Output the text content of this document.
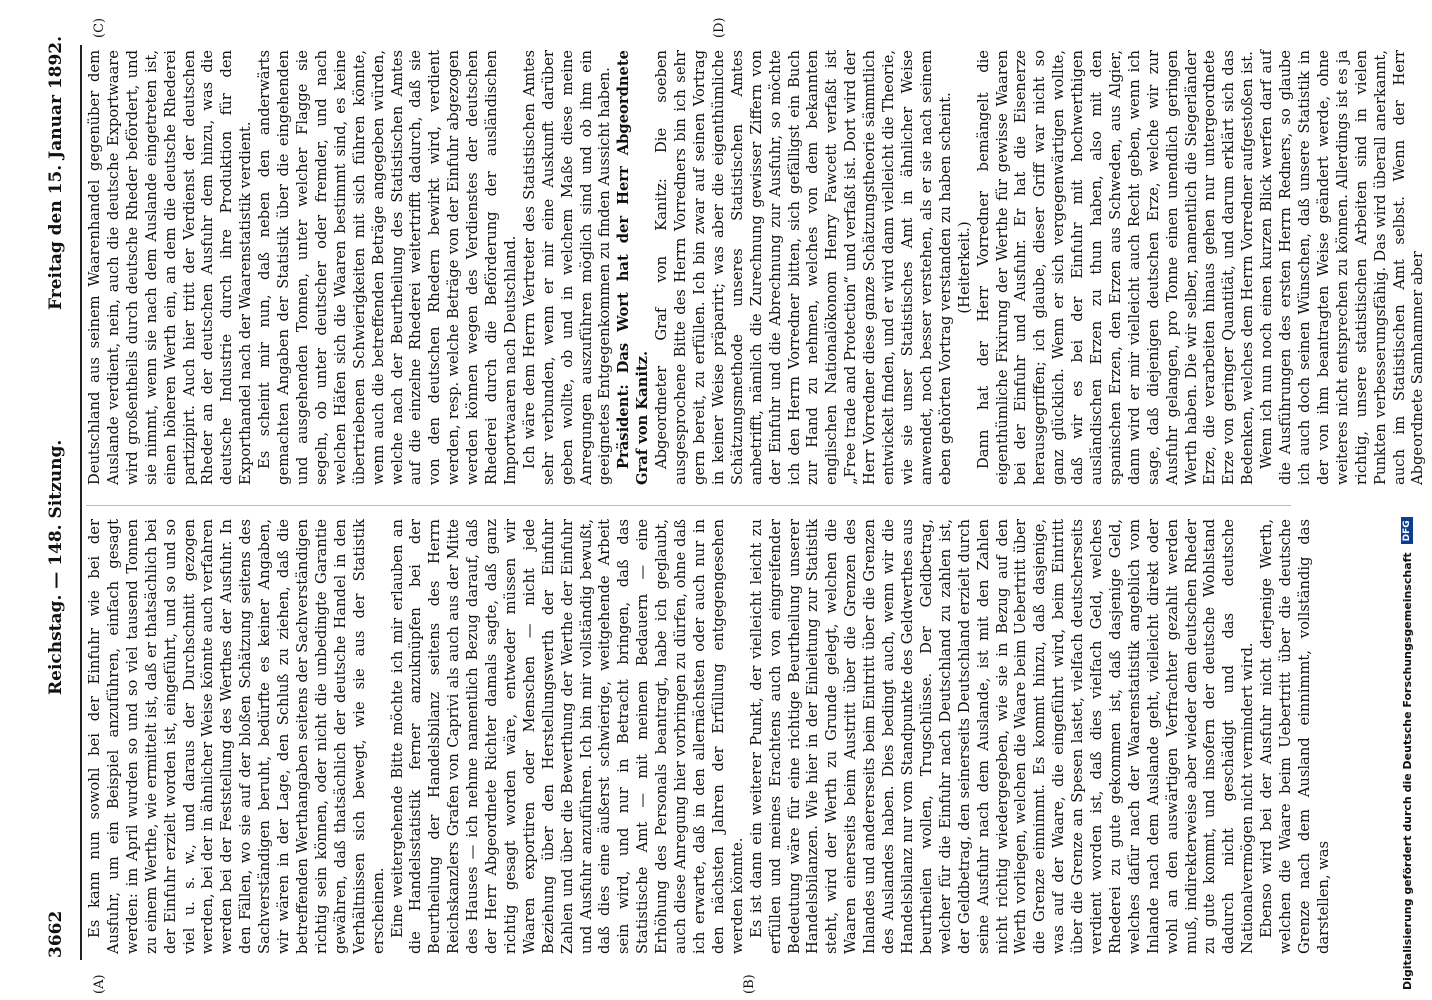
3662
Reichstag. — 148. Sitzung.
Freitag den 15. Januar 1892.
(A)	(B)
(C)	(D)

Es kann nun sowohl bei der Einfuhr wie bei der Ausfuhr, um ein Beispiel anzuführen, einfach gesagt werden: im April wurden so und so viel tausend Tonnen zu einem Werthe, wie ermittelt ist, daß er thatsächlich bei der Einfuhr erzielt worden ist, eingeführt, und so und so viel u. s. w., und daraus der Durchschnitt gezogen werden, bei der in ähnlicher Weise könnte auch verfahren werden bei der Feststellung des Werthes der Ausfuhr. In den Fällen, wo sie auf der bloßen Schätzung seitens des Sachverständigen beruht, bedürfte es keiner Angaben, wir wären in der Lage, den Schluß zu ziehen, daß die betreffenden Werthangaben seitens der Sachverständigen richtig sein können, oder nicht die unbedingte Garantie gewähren, daß thatsächlich der deutsche Handel in den Verhältnissen sich bewegt, wie sie aus der Statistik erscheinen. Eine weitergehende Bitte möchte ich mir erlauben an die Handelsstatistik ferner anzuknüpfen bei der Beurtheilung der Handelsbilanz seitens des Herrn Reichskanzlers Grafen von Caprivi als auch aus der Mitte des Hauses — ich nehme namentlich Bezug darauf, daß der Herr Abgeordnete Richter damals sagte, daß ganz richtig gesagt worden wäre, entweder müssen wir Waaren exportiren oder Menschen — nicht jede Beziehung über den Herstellungswerth der Einfuhr Zahlen und über die Bewerthung der Werthe der Einfuhr und Ausfuhr anzuführen. Ich bin mir vollständig bewußt, daß dies eine äußerst schwierige, weitgehende Arbeit sein wird, und nur in Betracht bringen, daß das Statistische Amt — mit meinem Bedauern — eine Erhöhung des Personals beantragt, habe ich geglaubt, auch diese Anregung hier vorbringen zu dürfen, ohne daß ich erwarte, daß in den allernächsten oder auch nur in den nächsten Jahren der Erfüllung entgegengesehen werden könnte. Es ist dann ein weiterer Punkt, der vielleicht leicht zu erfüllen und meines Erachtens auch von eingreifender Bedeutung wäre für eine richtige Beurtheilung unserer Handelsbilanzen. Wie hier in der Einleitung zur Statistik steht, wird der Werth zu Grunde gelegt, welchen die Waaren einerseits beim Austritt über die Grenzen des Inlandes und andererseits beim Eintritt über die Grenzen des Auslandes haben. Dies bedingt auch, wenn wir die Handelsbilanz nur vom Standpunkte des Geldwerthes aus beurtheilen wollen, Trugschlüsse. Der Geldbetrag, welcher für die Einfuhr nach Deutschland zu zahlen ist, der Geldbetrag, den seinerseits Deutschland erzielt durch seine Ausfuhr nach dem Auslande, ist mit den Zahlen nicht richtig wiedergegeben, wie sie in Bezug auf den Werth vorliegen, welchen die Waare beim Uebertritt über die Grenze einnimmt. Es kommt hinzu, daß dasjenige, was auf der Waare, die eingeführt wird, beim Eintritt über die Grenze an Spesen lastet, vielfach deutscherseits verdient worden ist, daß dies vielfach Geld, welches Rhederei zu gute gekommen ist, daß dasjenige Geld, welches dafür nach der Waarenstatistik angeblich vom Inlande nach dem Auslande geht, vielleicht direkt oder wohl an den auswärtigen Verfrachter gezahlt werden muß, indirekterweise aber wieder dem deutschen Rheder zu gute kommt, und insofern der deutsche Wohlstand dadurch nicht geschädigt und das deutsche Nationalvermögen nicht vermindert wird. Ebenso wird bei der Ausfuhr nicht derjenige Werth, welchen die Waare beim Uebertritt über die deutsche Grenze nach dem Ausland einnimmt, vollständig das darstellen, was

Deutschland aus seinem Waarenhandel gegenüber dem Auslande verdient, nein, auch die deutsche Exportwaare wird großentheils durch deutsche Rheder befördert, und sie nimmt, wenn sie nach dem Auslande eingetreten ist, einen höheren Werth ein, an dem die deutsche Rhederei partizipirt. Auch hier tritt der Verdienst der deutschen Rheder an der deutschen Ausfuhr dem hinzu, was die deutsche Industrie durch ihre Produktion für den Exporthandel nach der Waarenstatistik verdient. Es scheint mir nun, daß neben den anderwärts gemachten Angaben der Statistik über die eingehenden und ausgehenden Tonnen, unter welcher Flagge sie segeln, ob unter deutscher oder fremder, und nach welchen Häfen sich die Waaren bestimmt sind, es keine übertriebenen Schwierigkeiten mit sich führen könnte, wenn auch die betreffenden Beträge angegeben würden, welche nach der Beurtheilung des Statistischen Amtes auf die einzelne Rhederei weitertrifft dadurch, daß sie von den deutschen Rhedern bewirkt wird, verdient werden, resp. welche Beträge von der Einfuhr abgezogen werden können wegen des Verdienstes der deutschen Rhederei durch die Beförderung der ausländischen Importwaaren nach Deutschland. Ich wäre dem Herrn Vertreter des Statistischen Amtes sehr verbunden, wenn er mir eine Auskunft darüber geben wollte, ob und in welchem Maße diese meine Anregungen auszuführen möglich sind und ob ihm ein geeignetes Entgegenkommen zu finden Aussicht haben. Präsident: Das Wort hat der Herr Abgeordnete Graf von Kanitz. Abgeordneter Graf von Kanitz: Die soeben ausgesprochene Bitte des Herrn Vorredners bin ich sehr gern bereit, zu erfüllen. Ich bin zwar auf seinen Vortrag in keiner Weise präparirt; was aber die eigenthümliche Schätzungsmethode unseres Statistischen Amtes anbetrifft, nämlich die Zurechnung gewisser Ziffern von der Einfuhr und die Abrechnung zur Ausfuhr, so möchte ich den Herrn Vorredner bitten, sich gefälligst ein Buch zur Hand zu nehmen, welches von dem bekannten englischen Nationalökonom Henry Fawcett verfaßt ist „Free trade and Protection“ und verfaßt ist. Dort wird der Herr Vorredner diese ganze Schätzungstheorie sämmtlich entwickelt finden, und er wird dann vielleicht die Theorie, wie sie unser Statistisches Amt in ähnlicher Weise anwendet, noch besser verstehen, als er sie nach seinem eben gehörten Vortrag verstanden zu haben scheint. (Heiterkeit.) Dann hat der Herr Vorredner bemängelt die eigenthümliche Fixirung der Werthe für gewisse Waaren bei der Einfuhr und Ausfuhr. Er hat die Eisenerze herausgegriffen; ich glaube, dieser Griff war nicht so ganz glücklich. Wenn er sich vergegenwärtigen wollte, daß wir es bei der Einfuhr mit hochwerthigen ausländischen Erzen zu thun haben, also mit den spanischen Erzen, den Erzen aus Schweden, aus Algier, dann wird er mir vielleicht auch Recht geben, wenn ich sage, daß diejenigen deutschen Erze, welche wir zur Ausfuhr gelangen, pro Tonne einen unendlich geringen Werth haben. Die wir selber, namentlich die Siegerländer Erze, die verarbeiten hinaus gehen nur untergeordnete Erze von geringer Quantität, und darum erklärt sich das Bedenken, welches dem Herrn Vorredner aufgestoßen ist. Wenn ich nun noch einen kurzen Blick werfen darf auf die Ausführungen des ersten Herrn Redners, so glaube ich auch doch seinen Wünschen, daß unsere Statistik in der von ihm beantragten Weise geändert werde, ohne weiteres nicht entsprechen zu können. Allerdings ist es ja richtig, unsere statistischen Arbeiten sind in vielen Punkten verbesserungsfähig. Das wird überall anerkannt, auch im Statistischen Amt selbst. Wenn der Herr Abgeordnete Samhammer aber

Digitalisierung gefördert durch die Deutsche Forschungsgemeinschaft
DFG
